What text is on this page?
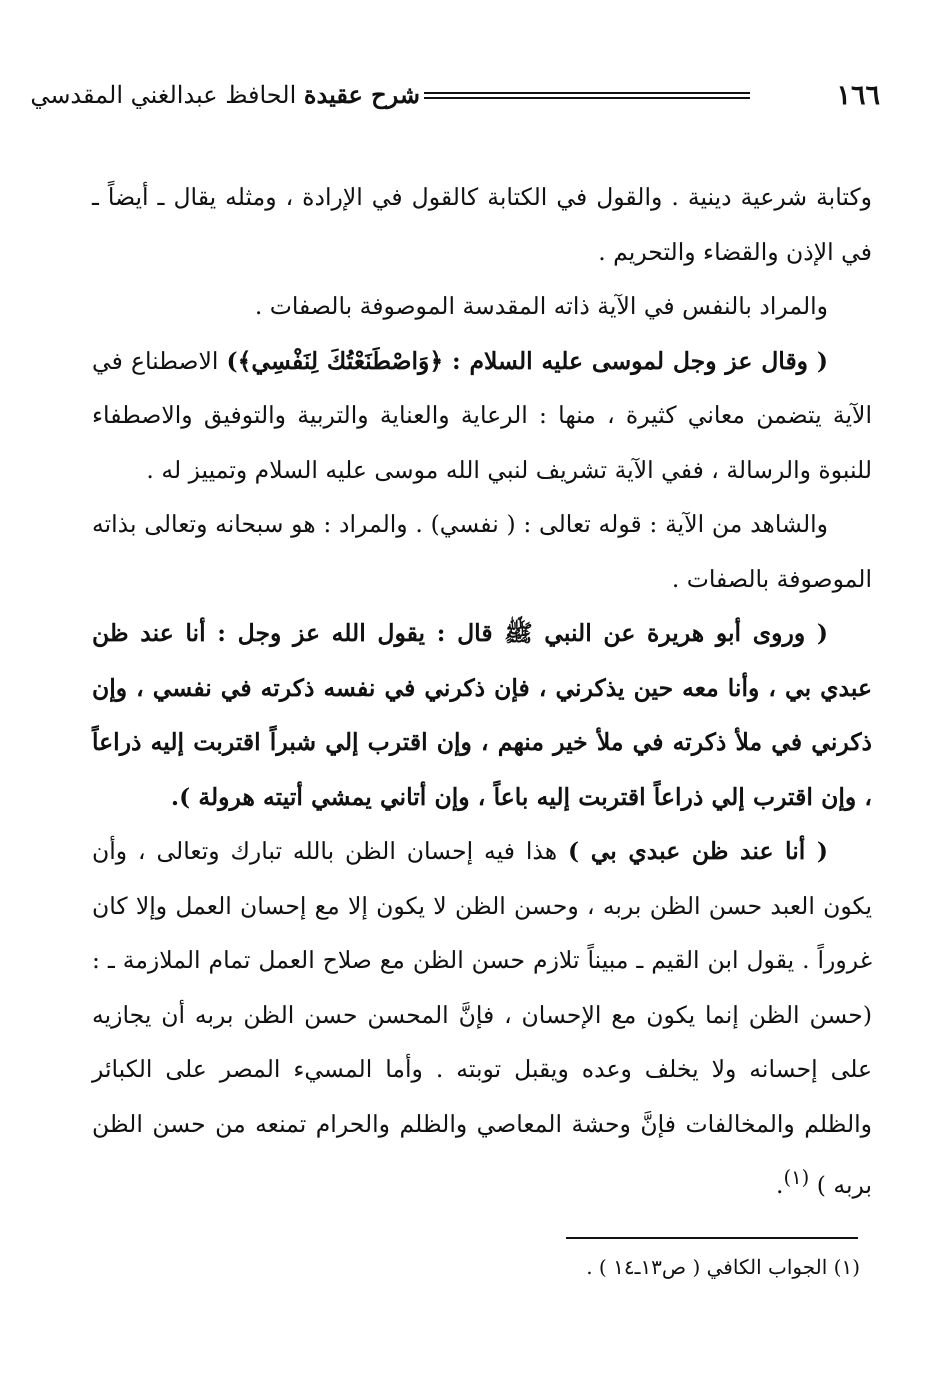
١٦٦
شرح عقيدة الحافظ عبدالغني المقدسي

وكتابة شرعية دينية . والقول في الكتابة كالقول في الإرادة ، ومثله يقال ـ أيضاً ـ في الإذن والقضاء والتحريم .

والمراد بالنفس في الآية ذاته المقدسة الموصوفة بالصفات .

( وقال عز وجل لموسى عليه السلام : ﴿وَاصْطَنَعْتُكَ لِنَفْسِي﴾) الاصطناع في الآية يتضمن معاني كثيرة ، منها : الرعاية والعناية والتربية والتوفيق والاصطفاء للنبوة والرسالة ، ففي الآية تشريف لنبي الله موسى عليه السلام وتمييز له .

والشاهد من الآية : قوله تعالى : ( نفسي) . والمراد : هو سبحانه وتعالى بذاته الموصوفة بالصفات .

( وروى أبو هريرة عن النبي ﷺ قال : يقول الله عز وجل : أنا عند ظن عبدي بي ، وأنا معه حين يذكرني ، فإن ذكرني في نفسه ذكرته في نفسي ، وإن ذكرني في ملأ ذكرته في ملأ خير منهم ، وإن اقترب إلي شبراً اقتربت إليه ذراعاً ، وإن اقترب إلي ذراعاً اقتربت إليه باعاً ، وإن أتاني يمشي أتيته هرولة ).

( أنا عند ظن عبدي بي ) هذا فيه إحسان الظن بالله تبارك وتعالى ، وأن يكون العبد حسن الظن بربه ، وحسن الظن لا يكون إلا مع إحسان العمل وإلا كان غروراً . يقول ابن القيم ـ مبيناً تلازم حسن الظن مع صلاح العمل تمام الملازمة ـ : (حسن الظن إنما يكون مع الإحسان ، فإنَّ المحسن حسن الظن بربه أن يجازيه على إحسانه ولا يخلف وعده ويقبل توبته . وأما المسيء المصر على الكبائر والظلم والمخالفات فإنَّ وحشة المعاصي والظلم والحرام تمنعه من حسن الظن بربه ) $^{(١)}$.

(١) الجواب الكافي ( ص١٣ـ١٤ ) .
